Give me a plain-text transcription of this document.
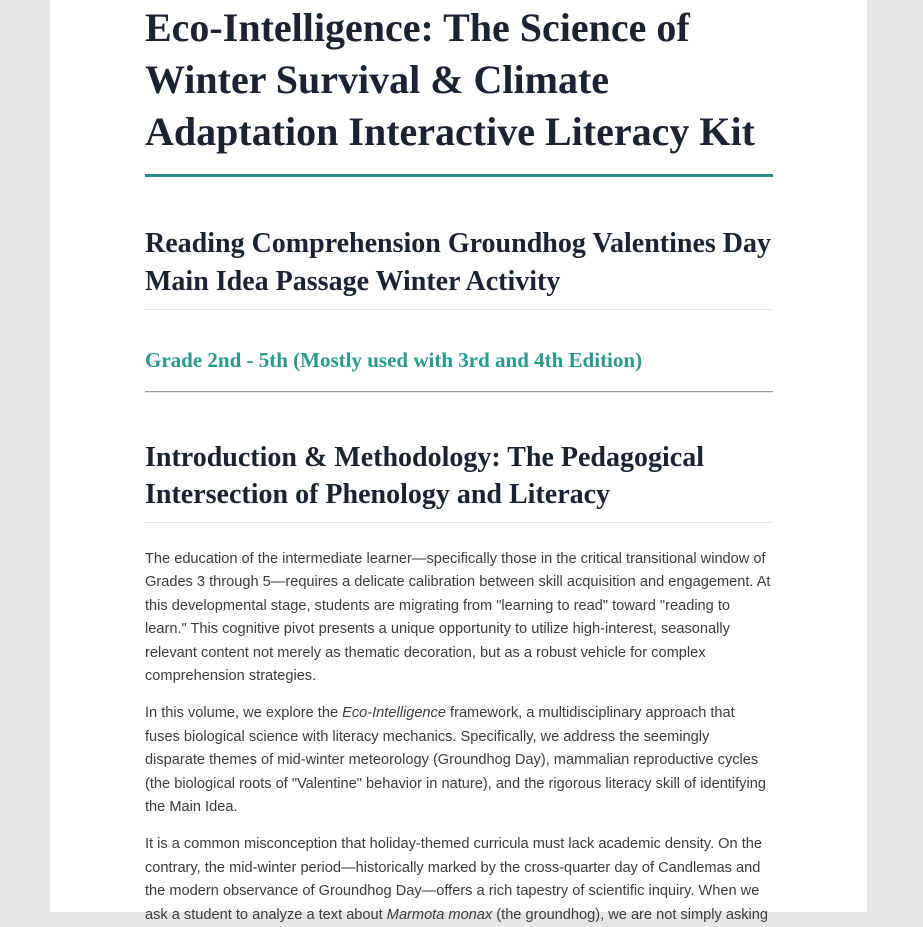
Eco-Intelligence: The Science of Winter Survival & Climate Adaptation Interactive Literacy Kit
Reading Comprehension Groundhog Valentines Day Main Idea Passage Winter Activity
Grade 2nd - 5th (Mostly used with 3rd and 4th Edition)
Introduction & Methodology: The Pedagogical Intersection of Phenology and Literacy

The education of the intermediate learner—specifically those in the critical transitional window of Grades 3 through 5—requires a delicate calibration between skill acquisition and engagement. At this developmental stage, students are migrating from "learning to read" toward "reading to learn." This cognitive pivot presents a unique opportunity to utilize high-interest, seasonally relevant content not merely as thematic decoration, but as a robust vehicle for complex comprehension strategies.

In this volume, we explore the Eco-Intelligence framework, a multidisciplinary approach that fuses biological science with literacy mechanics. Specifically, we address the seemingly disparate themes of mid-winter meteorology (Groundhog Day), mammalian reproductive cycles (the biological roots of "Valentine" behavior in nature), and the rigorous literacy skill of identifying the Main Idea.

It is a common misconception that holiday-themed curricula must lack academic density. On the contrary, the mid-winter period—historically marked by the cross-quarter day of Candlemas and the modern observance of Groundhog Day—offers a rich tapestry of scientific inquiry. When we ask a student to analyze a text about Marmota monax (the groundhog), we are not simply asking
